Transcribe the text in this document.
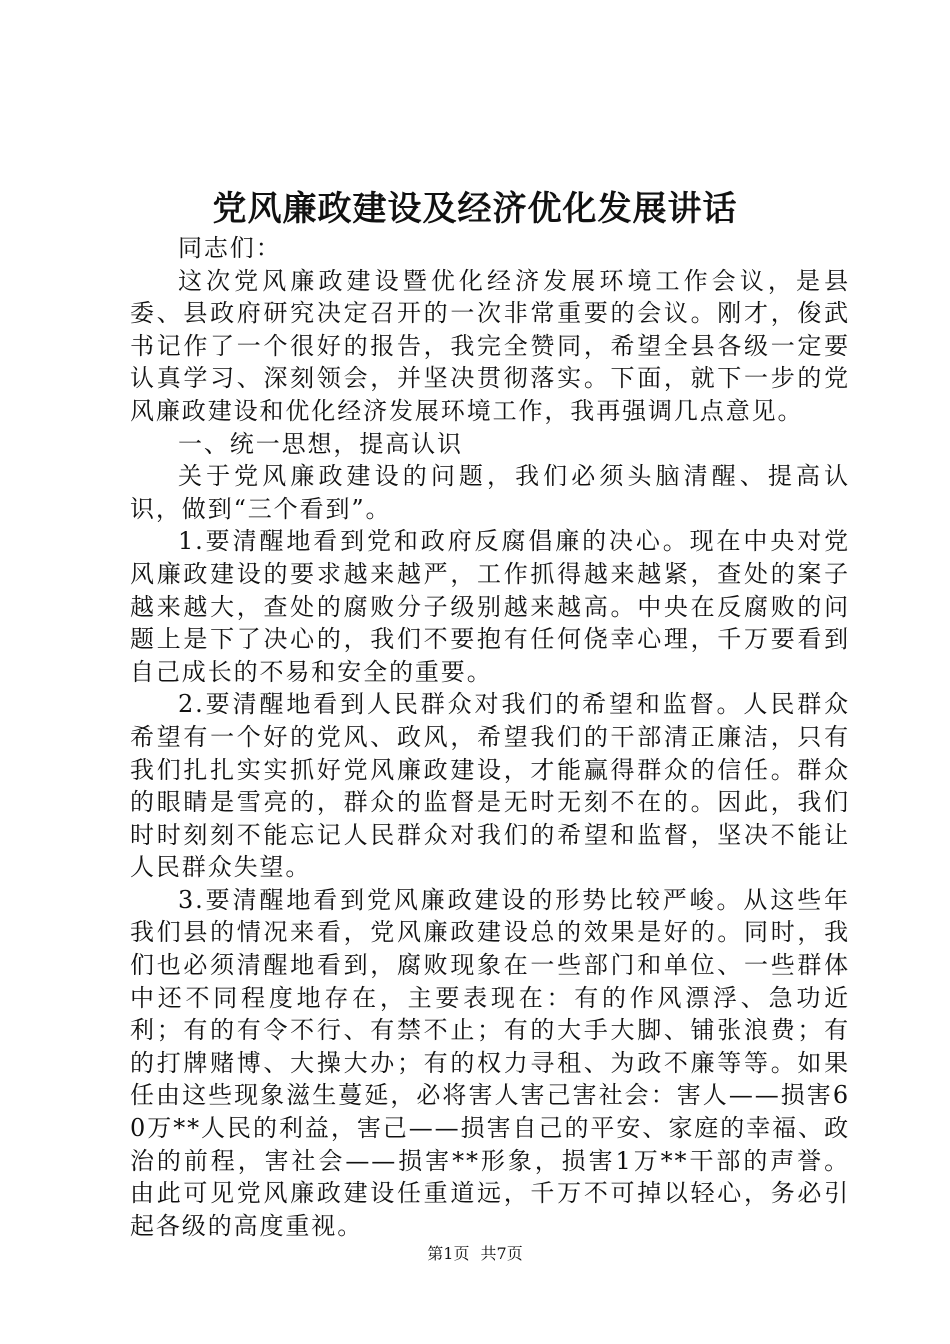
党风廉政建设及经济优化发展讲话

同志们：

这次党风廉政建设暨优化经济发展环境工作会议，是县委、县政府研究决定召开的一次非常重要的会议。刚才，俊武书记作了一个很好的报告，我完全赞同，希望全县各级一定要认真学习、深刻领会，并坚决贯彻落实。下面，就下一步的党风廉政建设和优化经济发展环境工作，我再强调几点意见。

一、统一思想，提高认识

关于党风廉政建设的问题，我们必须头脑清醒、提高认识，做到“三个看到”。

1.要清醒地看到党和政府反腐倡廉的决心。现在中央对党风廉政建设的要求越来越严，工作抓得越来越紧，查处的案子越来越大，查处的腐败分子级别越来越高。中央在反腐败的问题上是下了决心的，我们不要抱有任何侥幸心理，千万要看到自己成长的不易和安全的重要。

2.要清醒地看到人民群众对我们的希望和监督。人民群众希望有一个好的党风、政风，希望我们的干部清正廉洁，只有我们扎扎实实抓好党风廉政建设，才能赢得群众的信任。群众的眼睛是雪亮的，群众的监督是无时无刻不在的。因此，我们时时刻刻不能忘记人民群众对我们的希望和监督，坚决不能让人民群众失望。

3.要清醒地看到党风廉政建设的形势比较严峻。从这些年我们县的情况来看，党风廉政建设总的效果是好的。同时，我们也必须清醒地看到，腐败现象在一些部门和单位、一些群体中还不同程度地存在，主要表现在：有的作风漂浮、急功近利；有的有令不行、有禁不止；有的大手大脚、铺张浪费；有的打牌赌博、大操大办；有的权力寻租、为政不廉等等。如果任由这些现象滋生蔓延，必将害人害己害社会：害人——损害60万**人民的利益，害己——损害自己的平安、家庭的幸福、政治的前程，害社会——损害**形象，损害1万**干部的声誉。由此可见党风廉政建设任重道远，千万不可掉以轻心，务必引起各级的高度重视。

第1页 共7页
